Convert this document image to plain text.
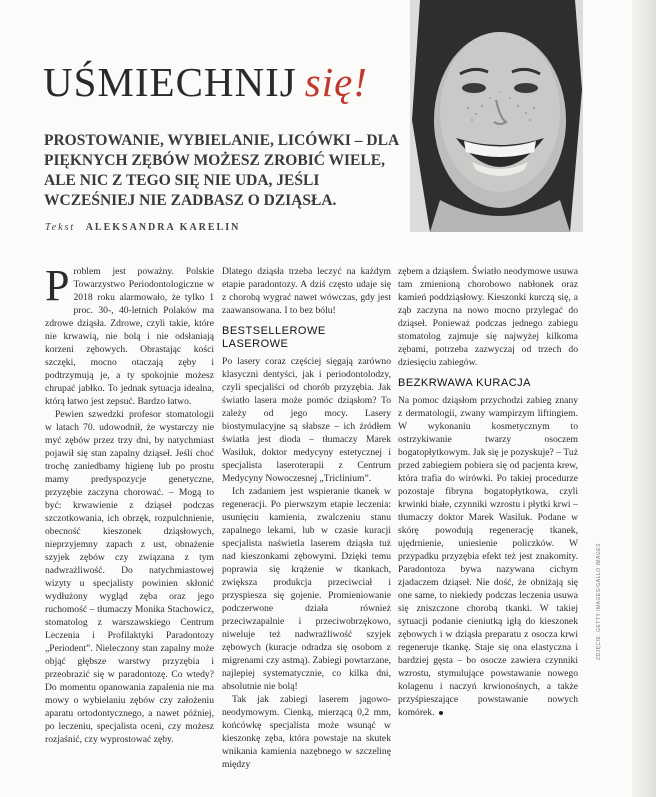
UŚMIECHNIJ się!
PROSTOWANIE, WYBIELANIE, LICÓWKI – DLA PIĘKNYCH ZĘBÓW MOŻESZ ZROBIĆ WIELE, ALE NIC Z TEGO SIĘ NIE UDA, JEŚLI WCZEŚNIEJ NIE ZADBASZ O DZIĄSŁA.
Tekst ALEKSANDRA KARELIN

Problem jest poważny. Polskie Towarzystwo Periodontologiczne w 2018 roku alarmowało, że tylko 1 proc. 30-, 40-letnich Polaków ma zdrowe dziąsła. Zdrowe, czyli takie, które nie krwawią, nie bolą i nie odsłaniają korzeni zębowych. Obrastając kości szczęki, mocno otaczają zęby i podtrzymują je, a ty spokojnie możesz chrupać jabłko. To jednak sytuacja idealna, którą łatwo jest zepsuć. Bardzo łatwo.

Pewien szwedzki profesor stomatologii w latach 70. udowodnił, że wystarczy nie myć zębów przez trzy dni, by natychmiast pojawił się stan zapalny dziąseł. Jeśli choć trochę zaniedbamy higienę lub po prostu mamy predyspozycje genetyczne, przyzębie zaczyna chorować. – Mogą to być: krwawienie z dziąseł podczas szczotkowania, ich obrzęk, rozpulchnienie, obecność kieszonek dziąsłowych, nieprzyjemny zapach z ust, obnażenie szyjek zębów czy związana z tym nadwrażliwość. Do natychmiastowej wizyty u specjalisty powinien skłonić wydłużony wygląd zęba oraz jego ruchomość – tłumaczy Monika Stachowicz, stomatolog z warszawskiego Centrum Leczenia i Profilaktyki Paradontozy „Periodent”. Nieleczony stan zapalny może objąć głębsze warstwy przyzębia i przeobrazić się w paradontozę. Co wtedy? Do momentu opanowania zapalenia nie ma mowy o wybielaniu zębów czy założeniu aparatu ortodontycznego, a nawet później, po leczeniu, specjalista oceni, czy możesz rozjaśnić, czy wyprostować zęby.

Dlatego dziąsła trzeba leczyć na każdym etapie paradontozy. A dziś często udaje się z chorobą wygrać nawet wówczas, gdy jest zaawansowana. I to bez bólu!

BESTSELLEROWE LASEROWE

Po lasery coraz częściej sięgają zarówno klasyczni dentyści, jak i periodontolodzy, czyli specjaliści od chorób przyzębia. Jak światło lasera może pomóc dziąsłom? To zależy od jego mocy. Lasery biostymulacyjne są słabsze – ich źródłem światła jest dioda – tłumaczy Marek Wasiluk, doktor medycyny estetycznej i specjalista laseroterapii z Centrum Medycyny Nowoczesnej „Triclinium”.

Ich zadaniem jest wspieranie tkanek w regeneracji. Po pierwszym etapie leczenia: usunięciu kamienia, zwalczeniu stanu zapalnego lekami, lub w czasie kuracji specjalista naświetla laserem dziąsła tuż nad kieszonkami zębowymi. Dzięki temu poprawia się krążenie w tkankach, zwiększa produkcja przeciwciał i przyspiesza się gojenie. Promieniowanie podczerwone działa również przeciwzapalnie i przeciwobrzękowo, niweluje też nadwrażliwość szyjek zębowych (kuracje odradza się osobom z migrenami czy astmą). Zabiegi powtarzane, najlepiej systematycznie, co kilka dni, absolutnie nie bolą!

Tak jak zabiegi laserem jagowo-neodymowym. Cienką, mierzącą 0,2 mm, końcówkę specjalista może wsunąć w kieszonkę zęba, która powstaje na skutek wnikania kamienia nazębnego w szczelinę między

zębem a dziąsłem. Światło neodymowe usuwa tam zmienioną chorobowo nabłonek oraz kamień poddziąsłowy. Kieszonki kurczą się, a ząb zaczyna na nowo mocno przylegać do dziąseł. Ponieważ podczas jednego zabiegu stomatolog zajmuje się najwyżej kilkoma zębami, potrzeba zazwyczaj od trzech do dziesięciu zabiegów.

BEZKRWAWA KURACJA

Na pomoc dziąsłom przychodzi zabieg znany z dermatologii, zwany wampirzym liftingiem. W wykonaniu kosmetycznym to ostrzykiwanie twarzy osoczem bogatopłytkowym. Jak się je pozyskuje? – Tuż przed zabiegiem pobiera się od pacjenta krew, która trafia do wirówki. Po takiej procedurze pozostaje fibryna bogatopłytkowa, czyli krwinki białe, czynniki wzrostu i płytki krwi – tłumaczy doktor Marek Wasiluk. Podane w skórę powodują regenerację tkanek, ujędrnienie, uniesienie policzków. W przypadku przyzębia efekt też jest znakomity. Paradontoza bywa nazywana cichym zjadaczem dziąseł. Nie dość, że obniżają się one same, to niekiedy podczas leczenia usuwa się zniszczone chorobą tkanki. W takiej sytuacji podanie cieniutką igłą do kieszonek zębowych i w dziąsła preparatu z osocza krwi regeneruje tkankę. Staje się ona elastyczna i bardziej gęsta – bo osocze zawiera czynniki wzrostu, stymulujące powstawanie nowego kolagenu i naczyń krwionośnych, a także przyśpieszające powstawanie nowych komórek.

ZDJĘCIE: GETTY IMAGES/GALLO IMAGES
